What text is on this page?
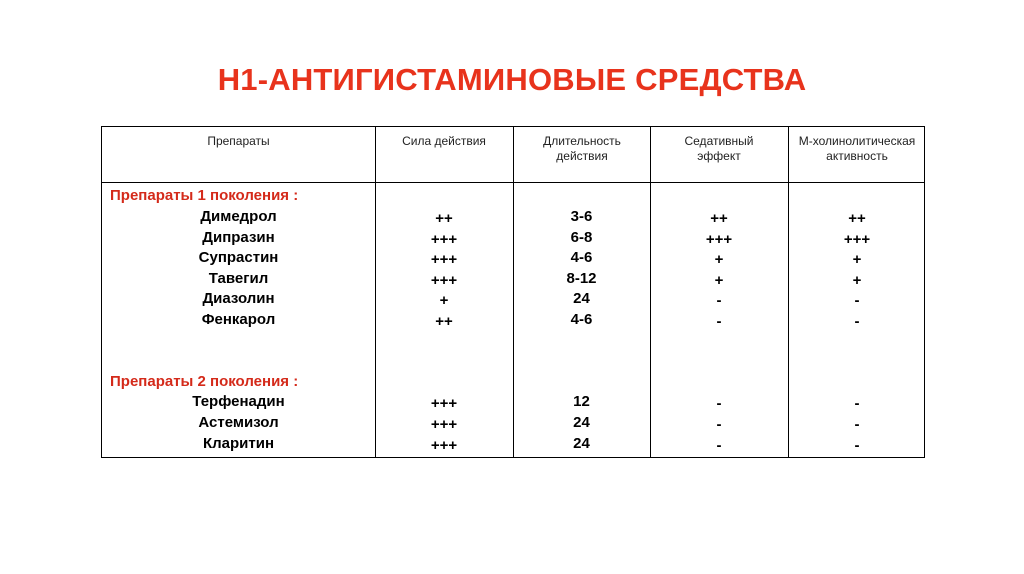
Н1-АНТИГИСТАМИНОВЫЕ СРЕДСТВА
Препараты	Сила действия	Длительность действия
Седативный эффект
М-холинолитическая активность
Препараты 1 поколения :
Препараты 2 поколения :
Димедрол
Дипразин
Супрастин
Тавегил
Диазолин
Фенкарол
Терфенадин
Астемизол
Кларитин
++
+++
+++
+++
+
++
+++
+++
+++
3-6
6-8
4-6
8-12
24
4-6
12
24
24
++
+++
+
+
-
-
-
-
-
++
+++
+
+
-
-
-
-
-
